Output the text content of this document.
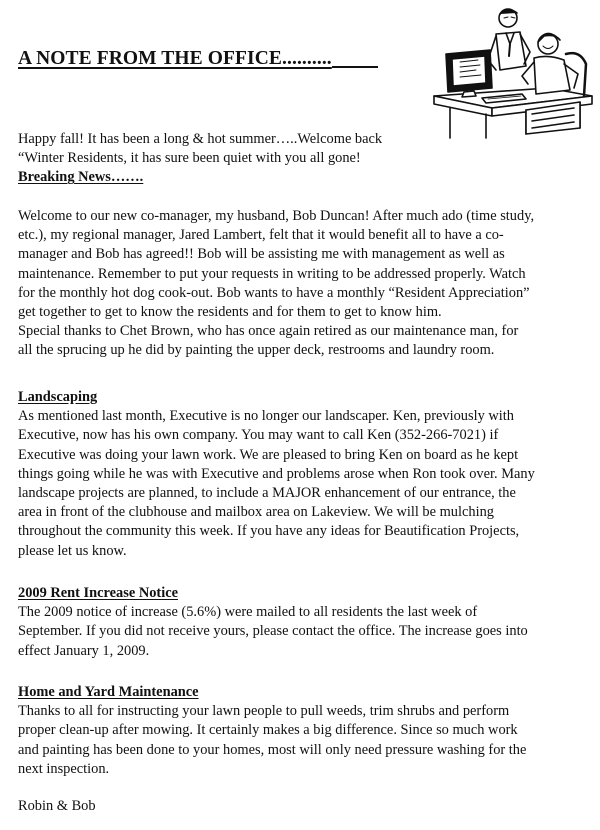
A NOTE FROM THE OFFICE..........
Happy fall! It has been a long & hot summer…..Welcome back
“Winter Residents, it has sure been quiet with you all gone!
Breaking News…….
Welcome to our new co-manager, my husband, Bob Duncan! After much ado (time study,
etc.), my regional manager, Jared Lambert, felt that it would benefit all to have a co-
manager and Bob has agreed!! Bob will be assisting me with management as well as
maintenance. Remember to put your requests in writing to be addressed properly. Watch
for the monthly hot dog cook-out. Bob wants to have a monthly “Resident Appreciation”
get together to get to know the residents and for them to get to know him.
Special thanks to Chet Brown, who has once again retired as our maintenance man, for
all the sprucing up he did by painting the upper deck, restrooms and laundry room.
Landscaping
As mentioned last month, Executive is no longer our landscaper. Ken, previously with
Executive, now has his own company. You may want to call Ken (352-266-7021) if
Executive was doing your lawn work. We are pleased to bring Ken on board as he kept
things going while he was with Executive and problems arose when Ron took over. Many
landscape projects are planned, to include a MAJOR enhancement of our entrance, the
area in front of the clubhouse and mailbox area on Lakeview. We will be mulching
throughout the community this week. If you have any ideas for Beautification Projects,
please let us know.
2009 Rent Increase Notice
The 2009 notice of increase (5.6%) were mailed to all residents the last week of
September. If you did not receive yours, please contact the office. The increase goes into
effect January 1, 2009.
Home and Yard Maintenance
Thanks to all for instructing your lawn people to pull weeds, trim shrubs and perform
proper clean-up after mowing. It certainly makes a big difference. Since so much work
and painting has been done to your homes, most will only need pressure washing for the
next inspection.
Robin & Bob
